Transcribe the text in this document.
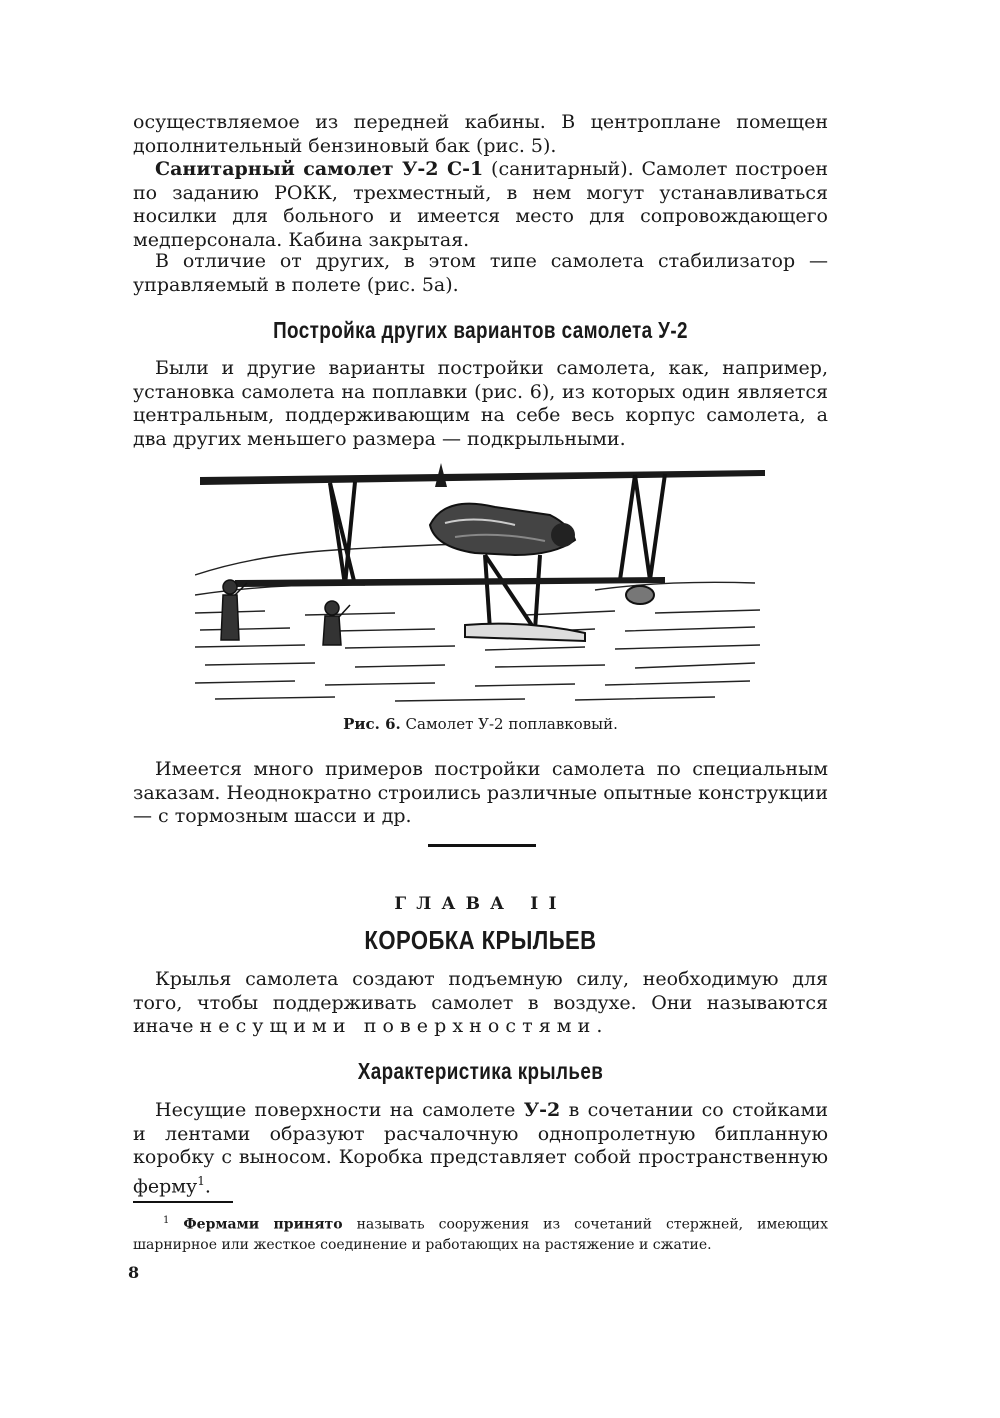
осуществляемое из передней кабины. В центроплане помещен дополнительный бензиновый бак (рис. 5).

Санитарный самолет У-2 С-1 (санитарный). Самолет построен по заданию РОКК, трехместный, в нем могут устанавливаться носилки для больного и имеется место для сопровождающего медперсонала. Кабина закрытая.

В отличие от других, в этом типе самолета стабилизатор — управляемый в полете (рис. 5а).

Постройка других вариантов самолета У-2

Были и другие варианты постройки самолета, как, например, установка самолета на поплавки (рис. 6), из которых один является центральным, поддерживающим на себе весь корпус самолета, а два других меньшего размера — подкрыльными.

Рис. 6. Самолет У-2 поплавковый.

Имеется много примеров постройки самолета по специальным заказам. Неоднократно строились различные опытные конструкции — с тормозным шасси и др.

ГЛАВА II
КОРОБКА КРЫЛЬЕВ

Крылья самолета создают подъемную силу, необходимую для того, чтобы поддерживать самолет в воздухе. Они называются иначе несущими поверхностями.

Характеристика крыльев

Несущие поверхности на самолете У-2 в сочетании со стойками и лентами образуют расчалочную однопролетную бипланную коробку с выносом. Коробка представляет собой пространственную ферму$^1$.

$^1$ Фермами принято называть сооружения из сочетаний стержней, имеющих шарнирное или жесткое соединение и работающих на растяжение и сжатие.
8
